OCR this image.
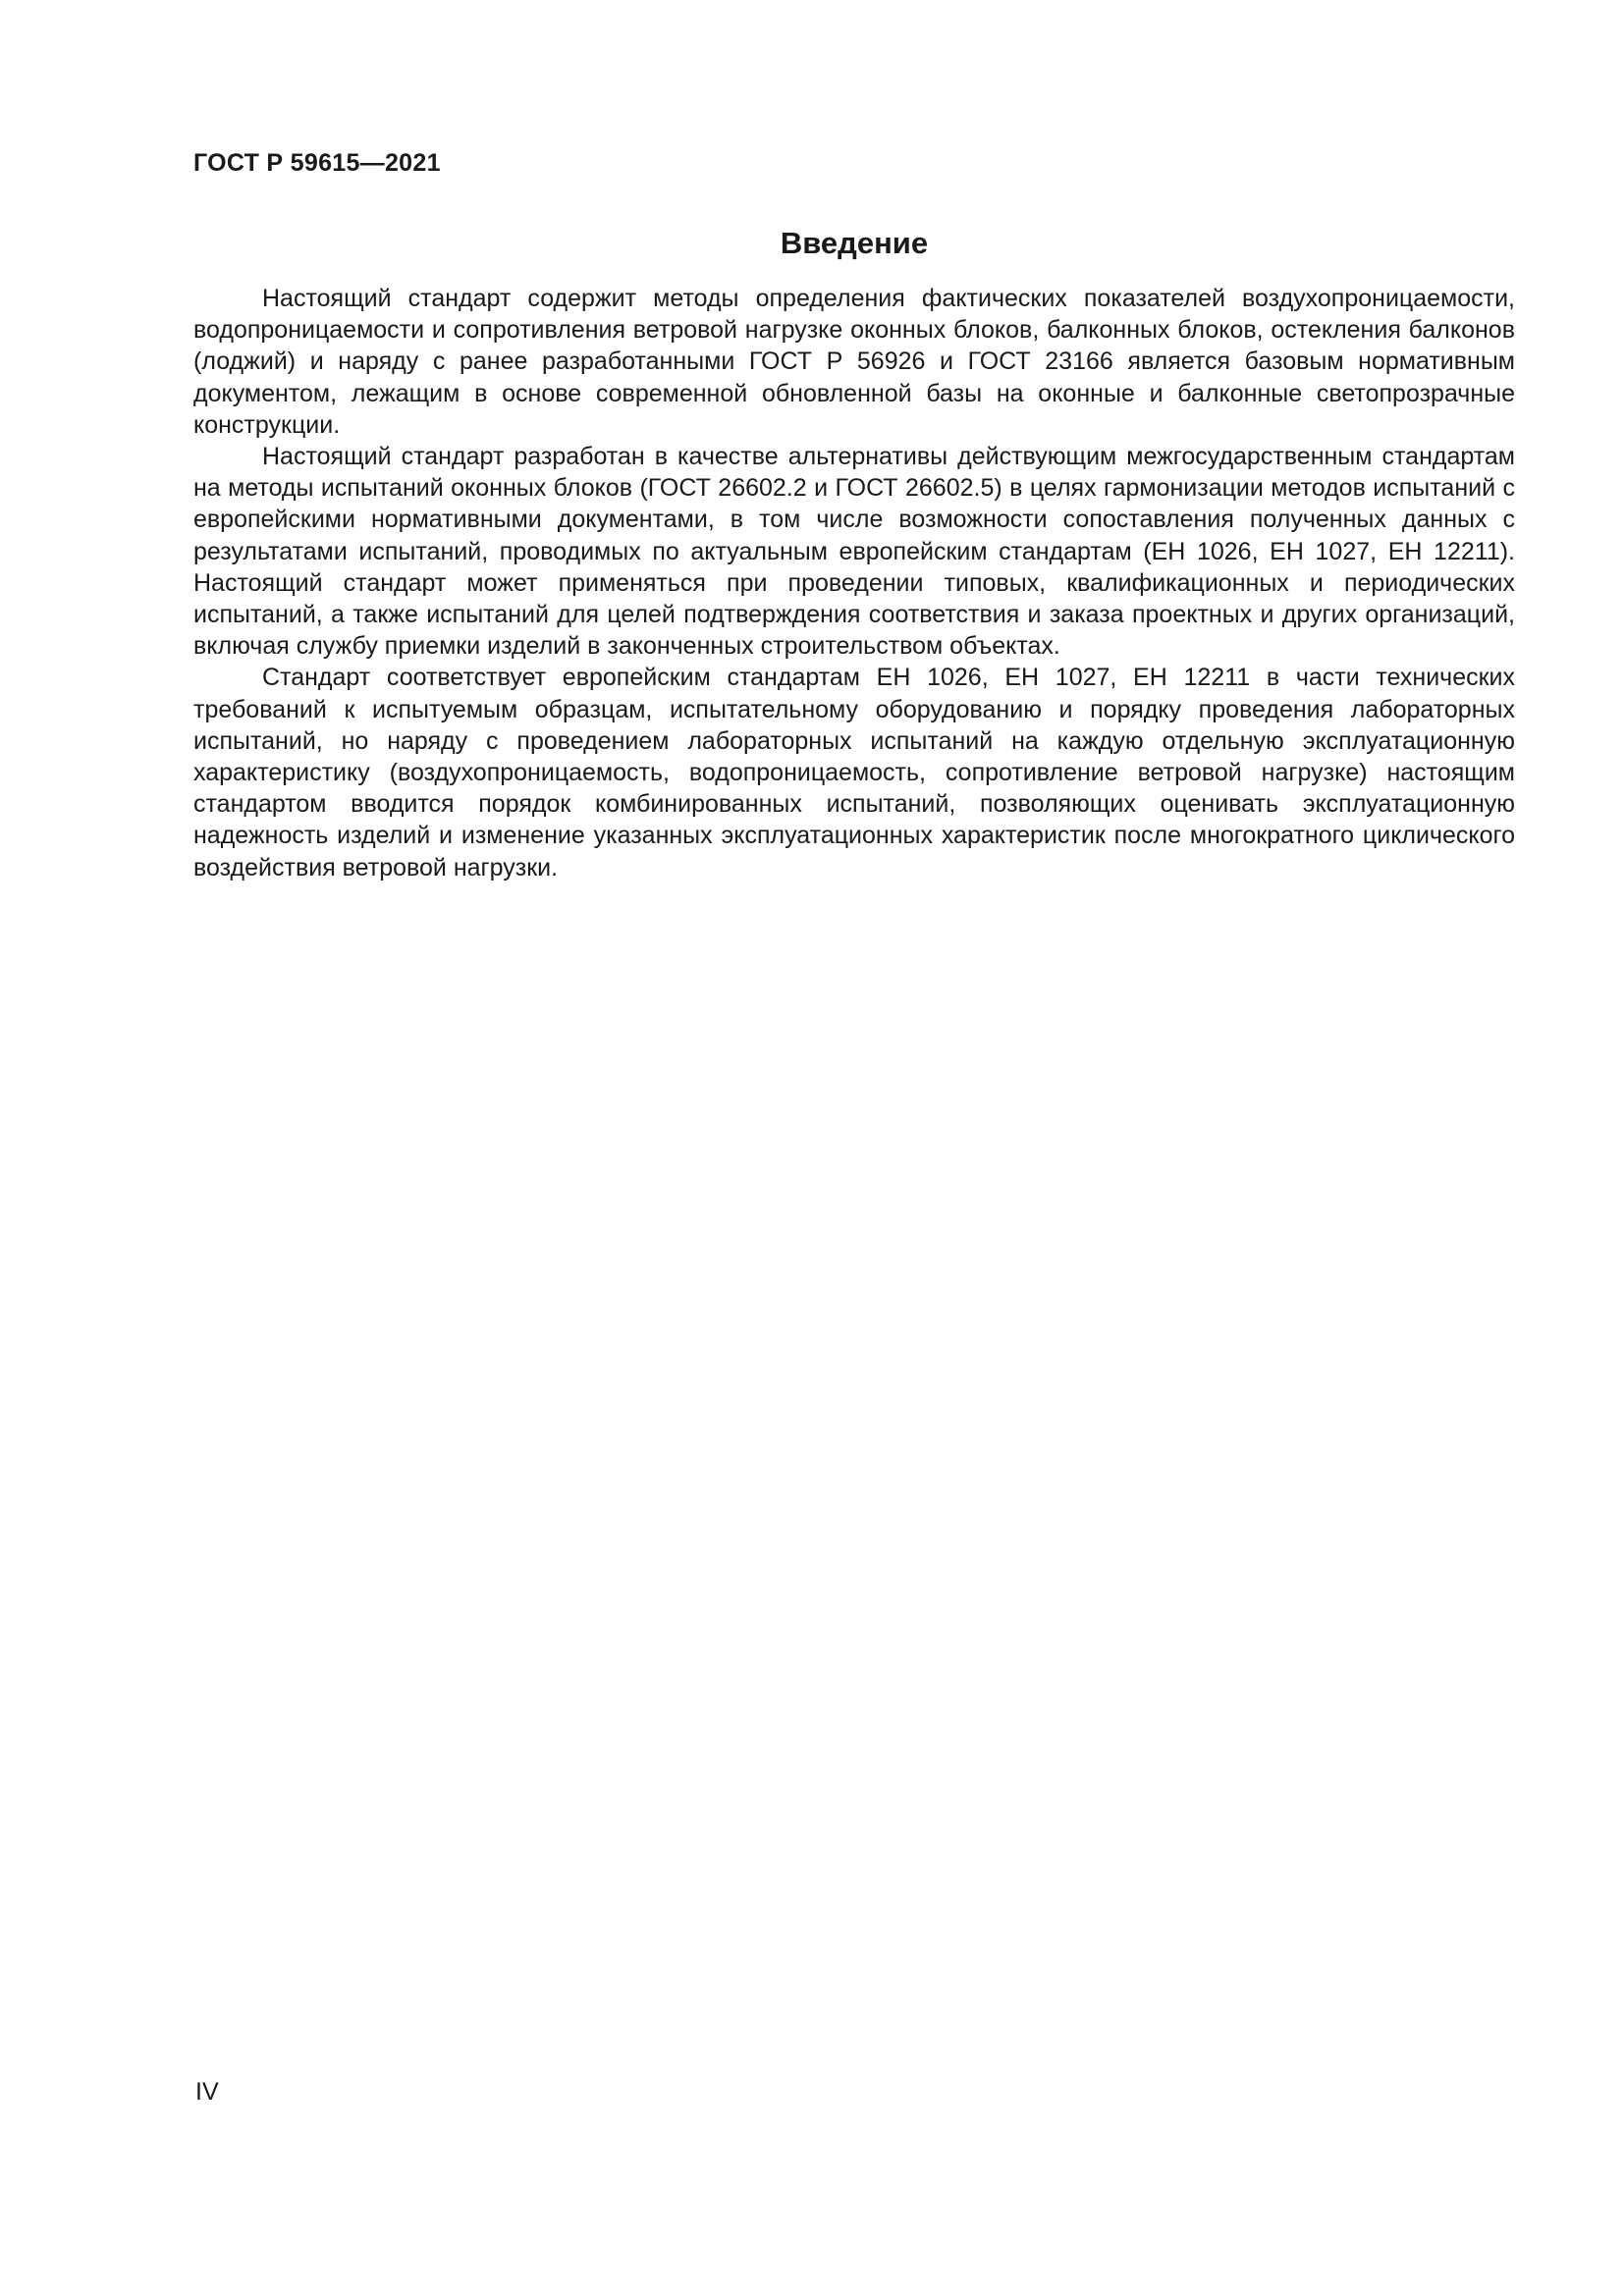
ГОСТ Р 59615—2021
Введение

Настоящий стандарт содержит методы определения фактических показателей воздухопроницаемости, водопроницаемости и сопротивления ветровой нагрузке оконных блоков, балконных блоков, остекления балконов (лоджий) и наряду с ранее разработанными ГОСТ Р 56926 и ГОСТ 23166 является базовым нормативным документом, лежащим в основе современной обновленной базы на оконные и балконные светопрозрачные конструкции.

Настоящий стандарт разработан в качестве альтернативы действующим межгосударственным стандартам на методы испытаний оконных блоков (ГОСТ 26602.2 и ГОСТ 26602.5) в целях гармонизации методов испытаний с европейскими нормативными документами, в том числе возможности сопоставления полученных данных с результатами испытаний, проводимых по актуальным европейским стандартам (ЕН 1026, ЕН 1027, ЕН 12211). Настоящий стандарт может применяться при проведении типовых, квалификационных и периодических испытаний, а также испытаний для целей подтверждения соответствия и заказа проектных и других организаций, включая службу приемки изделий в законченных строительством объектах.

Стандарт соответствует европейским стандартам ЕН 1026, ЕН 1027, ЕН 12211 в части технических требований к испытуемым образцам, испытательному оборудованию и порядку проведения лабораторных испытаний, но наряду с проведением лабораторных испытаний на каждую отдельную эксплуатационную характеристику (воздухопроницаемость, водопроницаемость, сопротивление ветровой нагрузке) настоящим стандартом вводится порядок комбинированных испытаний, позволяющих оценивать эксплуатационную надежность изделий и изменение указанных эксплуатационных характеристик после многократного циклического воздействия ветровой нагрузки.

IV
